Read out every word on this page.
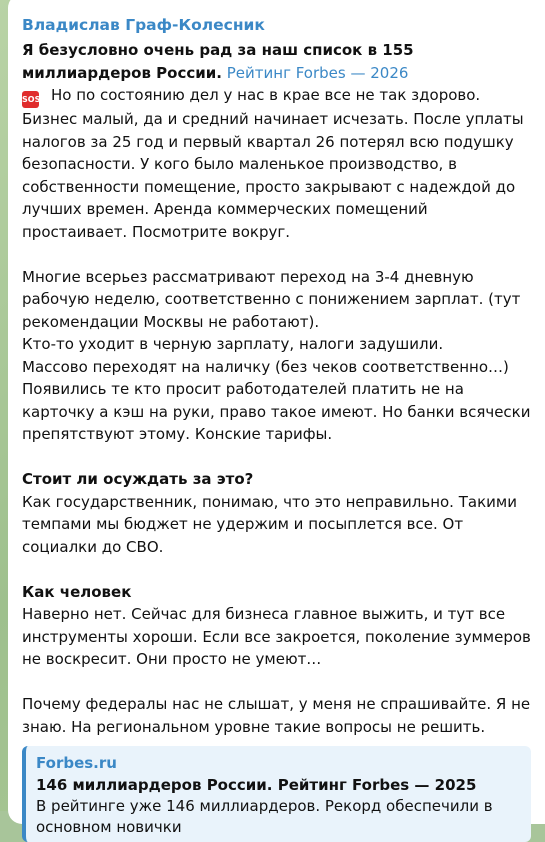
Владислав Граф-Колесник

Я безусловно очень рад за наш список в 155 миллиардеров России. Рейтинг Forbes — 2026

SOS Но по состоянию дел у нас в крае все не так здорово. Бизнес малый, да и средний начинает исчезать. После уплаты налогов за 25 год и первый квартал 26 потерял всю подушку безопасности. У кого было маленькое производство, в собственности помещение, просто закрывают с надеждой до лучших времен. Аренда коммерческих помещений простаивает. Посмотрите вокруг.

Многие всерьез рассматривают переход на 3-4 дневную рабочую неделю, соответственно с понижением зарплат. (тут рекомендации Москвы не работают).

Кто-то уходит в черную зарплату, налоги задушили.

Массово переходят на наличку (без чеков соответственно…)

Появились те кто просит работодателей платить не на карточку а кэш на руки, право такое имеют. Но банки всячески препятствуют этому. Конские тарифы.

Стоит ли осуждать за это?

Как государственник, понимаю, что это неправильно. Такими темпами мы бюджет не удержим и посыплется все. От социалки до СВО.

Как человек

Наверно нет. Сейчас для бизнеса главное выжить, и тут все инструменты хороши. Если все закроется, поколение зуммеров не воскресит. Они просто не умеют…

Почему федералы нас не слышат, у меня не спрашивайте. Я не знаю. На региональном уровне такие вопросы не решить.

Forbes.ru
146 миллиардеров России. Рейтинг Forbes — 2025
В рейтинге уже 146 миллиардеров. Рекорд обеспечили в основном новички
